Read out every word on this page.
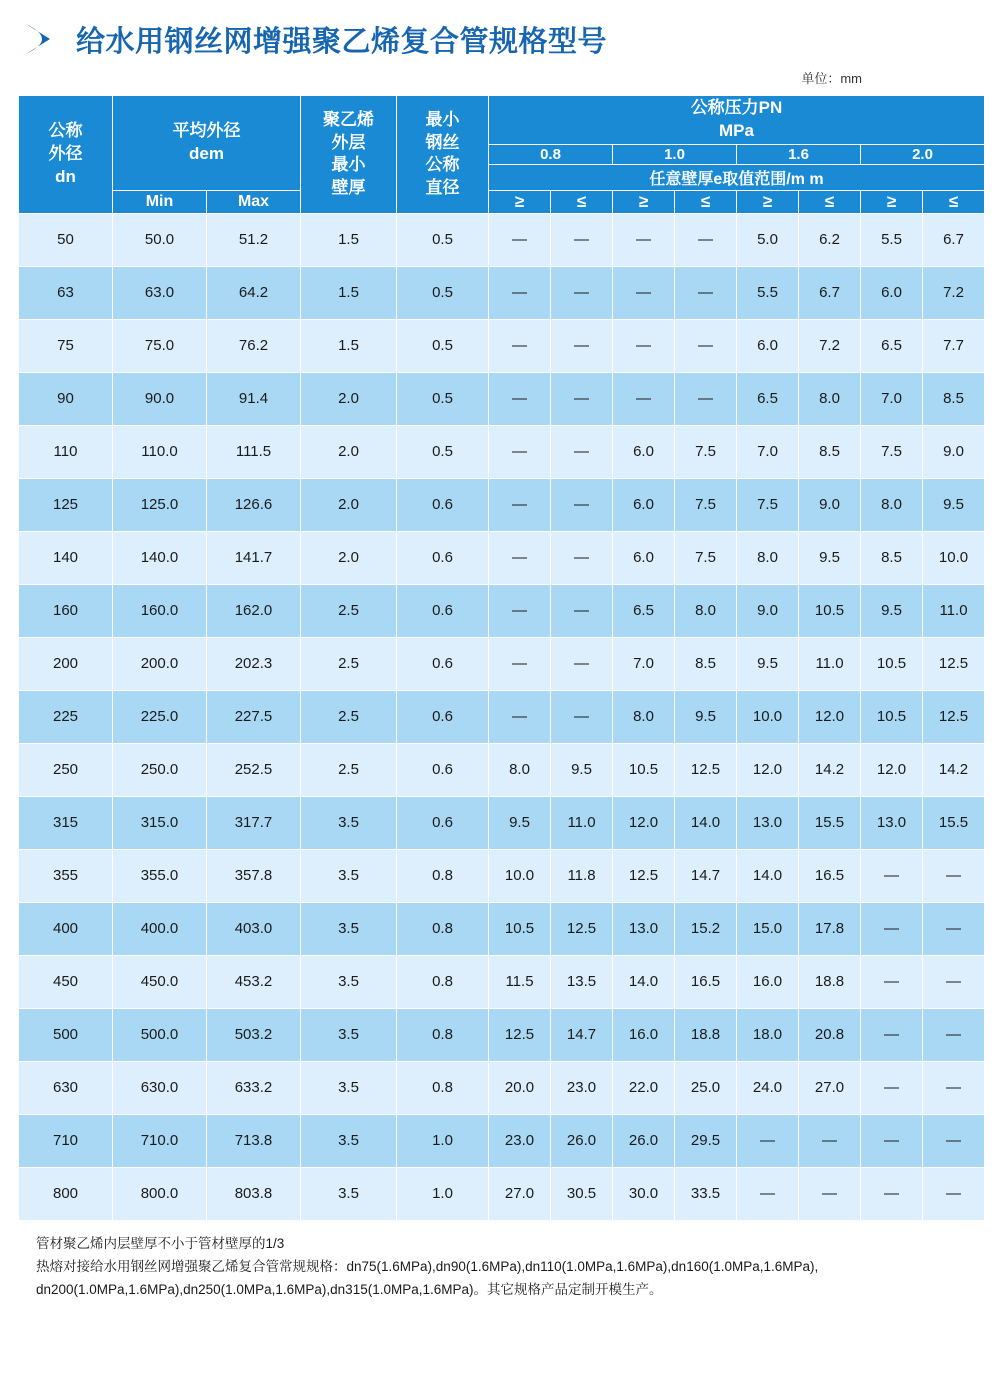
给水用钢丝网增强聚乙烯复合管规格型号
单位：mm
公称
外径
dn

平均外径
dem

聚乙烯
外层
最小
壁厚

最小
钢丝
公称
直径

公称压力PN
MPa

					0.8		1.0		1.6		2.0	
					任意壁厚e取值范围/m m							
	Min	Max			≥	≤	≥	≤	≥	≤	≥	≤
50	50.0	51.2	1.5	0.5	—	—	—	—	5.0	6.2	5.5	6.7
63	63.0	64.2	1.5	0.5	—	—	—	—	5.5	6.7	6.0	7.2
75	75.0	76.2	1.5	0.5	—	—	—	—	6.0	7.2	6.5	7.7
90	90.0	91.4	2.0	0.5	—	—	—	—	6.5	8.0	7.0	8.5
110	110.0	111.5	2.0	0.5	—	—	6.0	7.5	7.0	8.5	7.5	9.0
125	125.0	126.6	2.0	0.6	—	—	6.0	7.5	7.5	9.0	8.0	9.5
140	140.0	141.7	2.0	0.6	—	—	6.0	7.5	8.0	9.5	8.5	10.0
160	160.0	162.0	2.5	0.6	—	—	6.5	8.0	9.0	10.5	9.5	11.0
200	200.0	202.3	2.5	0.6	—	—	7.0	8.5	9.5	11.0	10.5	12.5
225	225.0	227.5	2.5	0.6	—	—	8.0	9.5	10.0	12.0	10.5	12.5
250	250.0	252.5	2.5	0.6	8.0	9.5	10.5	12.5	12.0	14.2	12.0	14.2
315	315.0	317.7	3.5	0.6	9.5	11.0	12.0	14.0	13.0	15.5	13.0	15.5
355	355.0	357.8	3.5	0.8	10.0	11.8	12.5	14.7	14.0	16.5	—	—
400	400.0	403.0	3.5	0.8	10.5	12.5	13.0	15.2	15.0	17.8	—	—
450	450.0	453.2	3.5	0.8	11.5	13.5	14.0	16.5	16.0	18.8	—	—
500	500.0	503.2	3.5	0.8	12.5	14.7	16.0	18.8	18.0	20.8	—	—
630	630.0	633.2	3.5	0.8	20.0	23.0	22.0	25.0	24.0	27.0	—	—
710	710.0	713.8	3.5	1.0	23.0	26.0	26.0	29.5	—	—	—	—
800	800.0	803.8	3.5	1.0	27.0	30.5	30.0	33.5	—	—	—	—
管材聚乙烯内层壁厚不小于管材壁厚的1/3
热熔对接给水用钢丝网增强聚乙烯复合管常规规格：dn75(1.6MPa),dn90(1.6MPa),dn110(1.0MPa,1.6MPa),dn160(1.0MPa,1.6MPa),
dn200(1.0MPa,1.6MPa),dn250(1.0MPa,1.6MPa),dn315(1.0MPa,1.6MPa)。其它规格产品定制开模生产。
